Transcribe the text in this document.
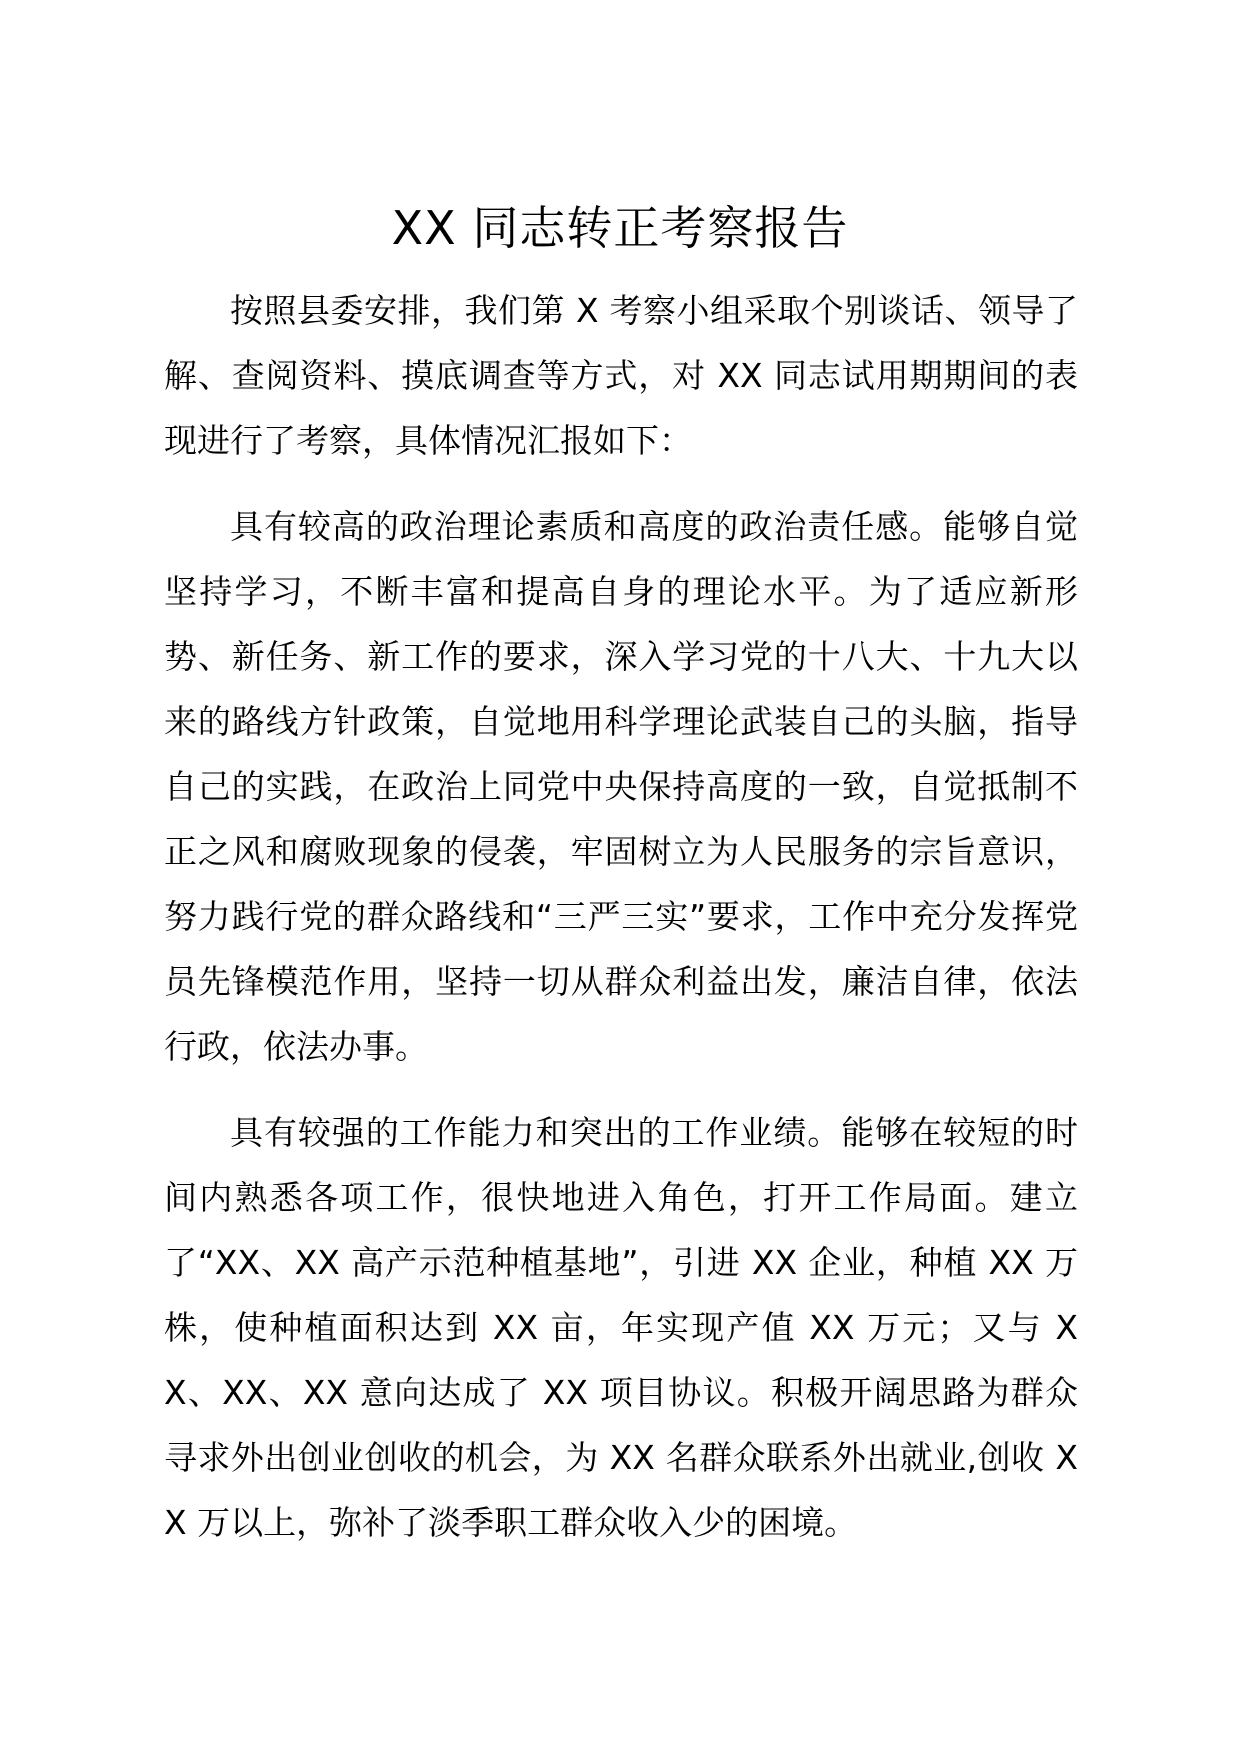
XX 同志转正考察报告

按照县委安排，我们第 X 考察小组采取个别谈话、领导了解、查阅资料、摸底调查等方式，对 XX 同志试用期期间的表现进行了考察，具体情况汇报如下：

具有较高的政治理论素质和高度的政治责任感。能够自觉坚持学习，不断丰富和提高自身的理论水平。为了适应新形势、新任务、新工作的要求，深入学习党的十八大、十九大以来的路线方针政策，自觉地用科学理论武装自己的头脑，指导自己的实践，在政治上同党中央保持高度的一致，自觉抵制不正之风和腐败现象的侵袭，牢固树立为人民服务的宗旨意识，努力践行党的群众路线和“三严三实”要求，工作中充分发挥党员先锋模范作用，坚持一切从群众利益出发，廉洁自律，依法行政，依法办事。

具有较强的工作能力和突出的工作业绩。能够在较短的时间内熟悉各项工作，很快地进入角色，打开工作局面。建立了“XX、XX 高产示范种植基地”，引进 XX 企业，种植 XX 万株，使种植面积达到 XX 亩，年实现产值 XX 万元；又与 XX、XX、XX 意向达成了 XX 项目协议。积极开阔思路为群众寻求外出创业创收的机会，为 XX 名群众联系外出就业,创收 XX 万以上，弥补了淡季职工群众收入少的困境。
